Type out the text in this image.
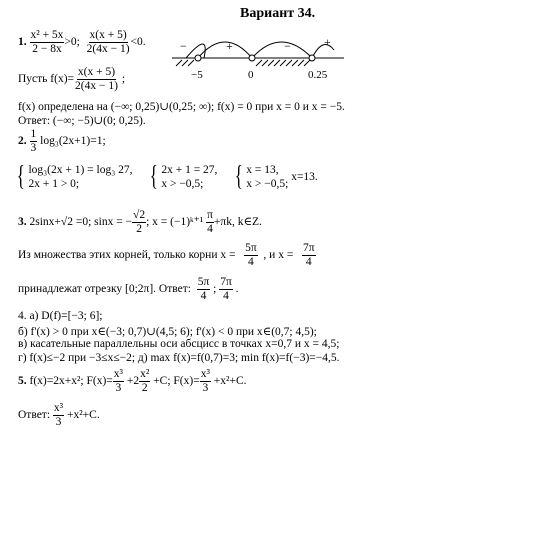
Вариант 34.
1. $\frac{\text{x² + 5x}}{2 - 8x} >0$; $\frac{x(x + 5)}{2(4x - 1)} <0$.	−	+	−	+
−5	0	0.25
Пусть $f(x)= \frac{x(x + 5)}{2(4x - 1)}$ ;
f(x) определена на (−∞; 0,25)∪(0,25; ∞); f(x) = 0 при x = 0 и x = −5.
Ответ: (−∞; −5)∪(0; 0,25).
2. $\frac{1}{3} \log_3(2x+1)=1$;
{ log₃(2x + 1) = log₃ 27,
2x + 1 > 0;
	{ 2x + 1 = 27,
x > −0,5;
	{ x = 13,
x > −0,5;
x=13.
3. 2sinx+√2 =0; sinx = − $\frac{√2}{2}$ ; x = (−1)ᵏ⁺¹ $\frac{\pi}{4} +\pi k$, k∈Z.
Из множества этих корней, только корни $x = \frac{5\pi}{4}$ , и $x = \frac{7\pi}{4}$
принадлежат отрезку [0;2π]. Ответ: $\frac{5\pi}{4}$ ; $\frac{7\pi}{4}$ .
4. а) D(f)=[−3; 6];
б) f'(x) > 0 при x∈(−3; 0,7)∪(4,5; 6); f'(x) < 0 при x∈(0,7; 4,5);
в) касательные параллельны оси абсцисс в точках x=0,7 и x = 4,5;
г) f(x)≤−2 при −3≤x≤−2; д) max f(x)=f(0,7)=3; min f(x)=f(−3)=−4,5.
5. f(x)=2x+x²; $F(x)= \frac{\text{x³}}{3} +2 \frac{\text{x²}}{2} +C$; $F(x)= \frac{\text{x³}}{3} +x^2+C$.
Ответ: $\frac{\text{x³}}{3} +x^2+C$.
